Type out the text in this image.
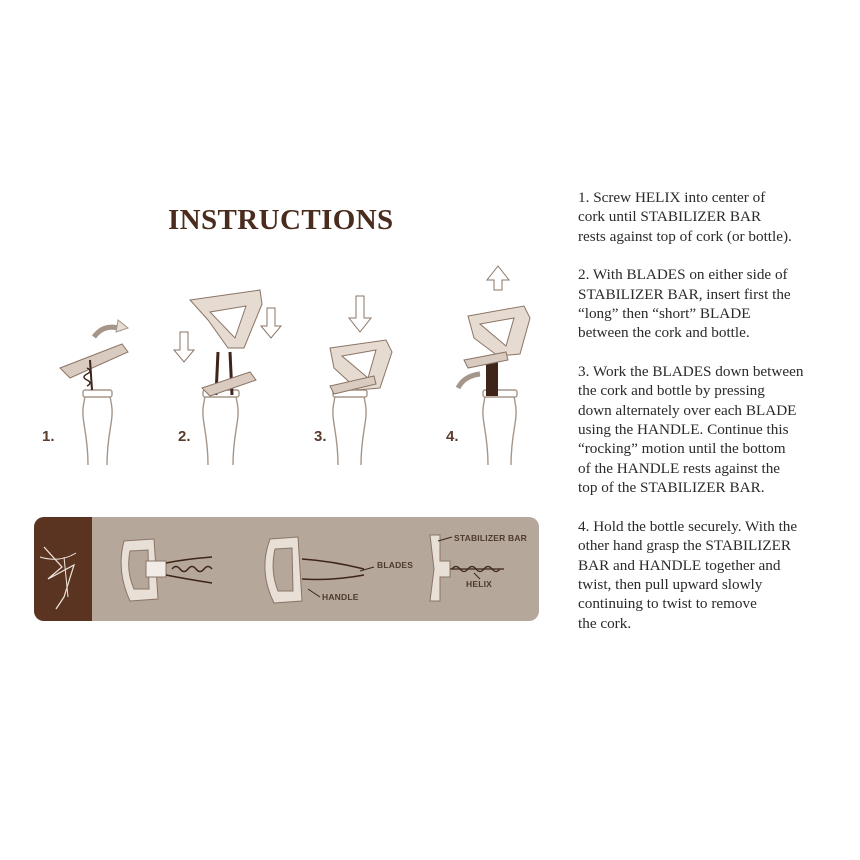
INSTRUCTIONS
1.	2.	3.	4.
BLADES
HANDLE
STABILIZER BAR
HELIX

1. Screw HELIX into center of
cork until STABILIZER BAR
rests against top of cork (or bottle).

2. With BLADES on either side of
STABILIZER BAR, insert first the
“long” then “short” BLADE
between the cork and bottle.

3. Work the BLADES down between
the cork and bottle by pressing
down alternately over each BLADE
using the HANDLE. Continue this
“rocking” motion until the bottom
of the HANDLE rests against the
top of the STABILIZER BAR.

4. Hold the bottle securely. With the
other hand grasp the STABILIZER
BAR and HANDLE together and
twist, then pull upward slowly
continuing to twist to remove
the cork.
